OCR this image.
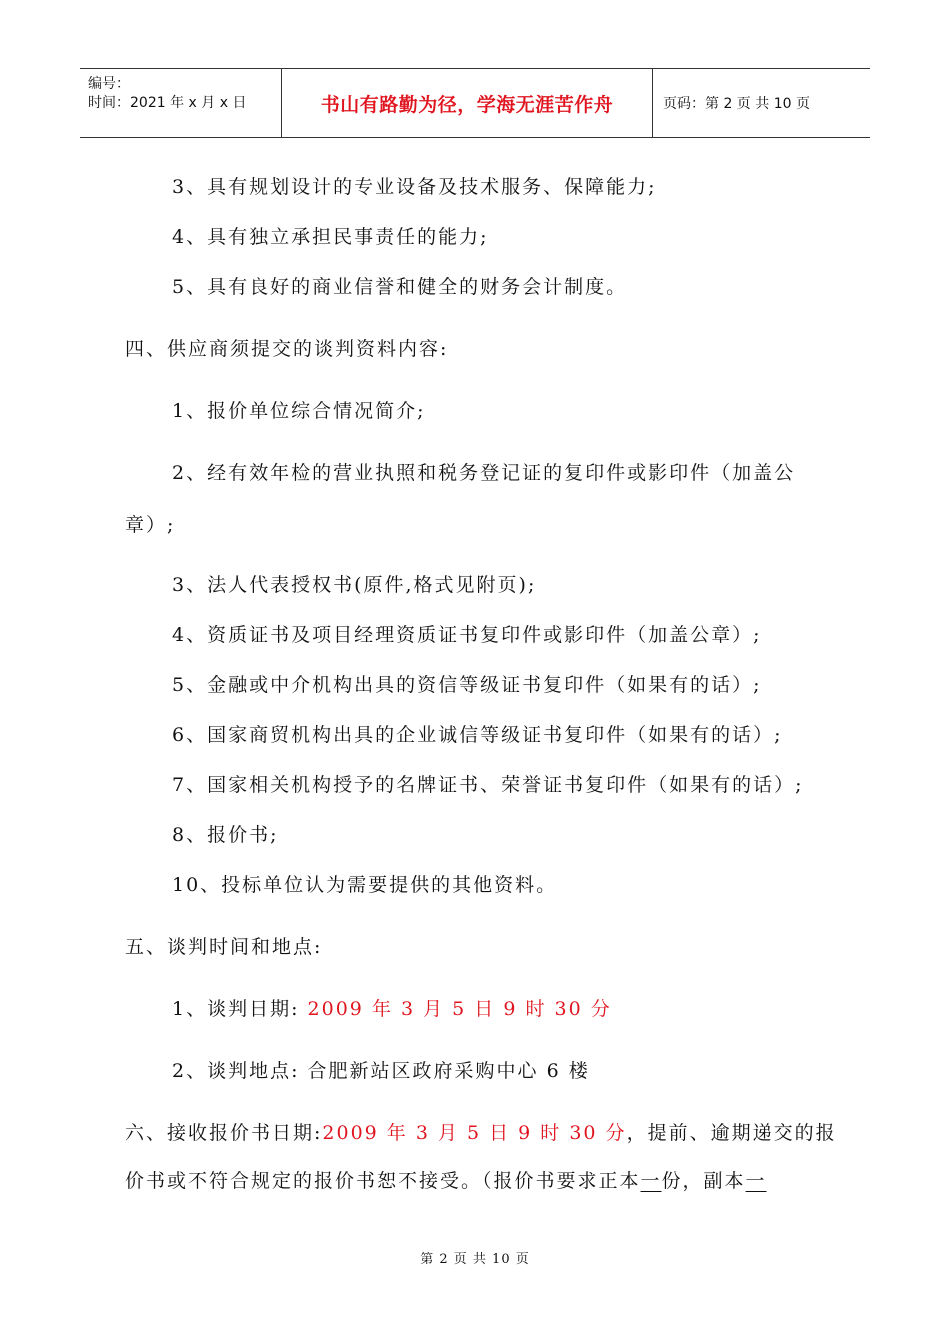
编号：
时间：2021 年 x 月 x 日	书山有路勤为径，学海无涯苦作舟	页码：第 2 页 共 10 页
3、具有规划设计的专业设备及技术服务、保障能力;
4、具有独立承担民事责任的能力;
5、具有良好的商业信誉和健全的财务会计制度。
四、供应商须提交的谈判资料内容:
1、报价单位综合情况简介;
2、经有效年检的营业执照和税务登记证的复印件或影印件（加盖公
章）;
3、法人代表授权书(原件,格式见附页);
4、资质证书及项目经理资质证书复印件或影印件（加盖公章）;
5、金融或中介机构出具的资信等级证书复印件（如果有的话）;
6、国家商贸机构出具的企业诚信等级证书复印件（如果有的话）;
7、国家相关机构授予的名牌证书、荣誉证书复印件（如果有的话）;
8、报价书;
10、投标单位认为需要提供的其他资料。
五、谈判时间和地点:
1、谈判日期: 2009 年 3 月 5 日 9 时 30 分
2、谈判地点: 合肥新站区政府采购中心 6 楼
六、接收报价书日期:2009 年 3 月 5 日 9 时 30 分，提前、逾期递交的报
价书或不符合规定的报价书恕不接受。（报价书要求正本一份，副本一
第 2 页 共 10 页
